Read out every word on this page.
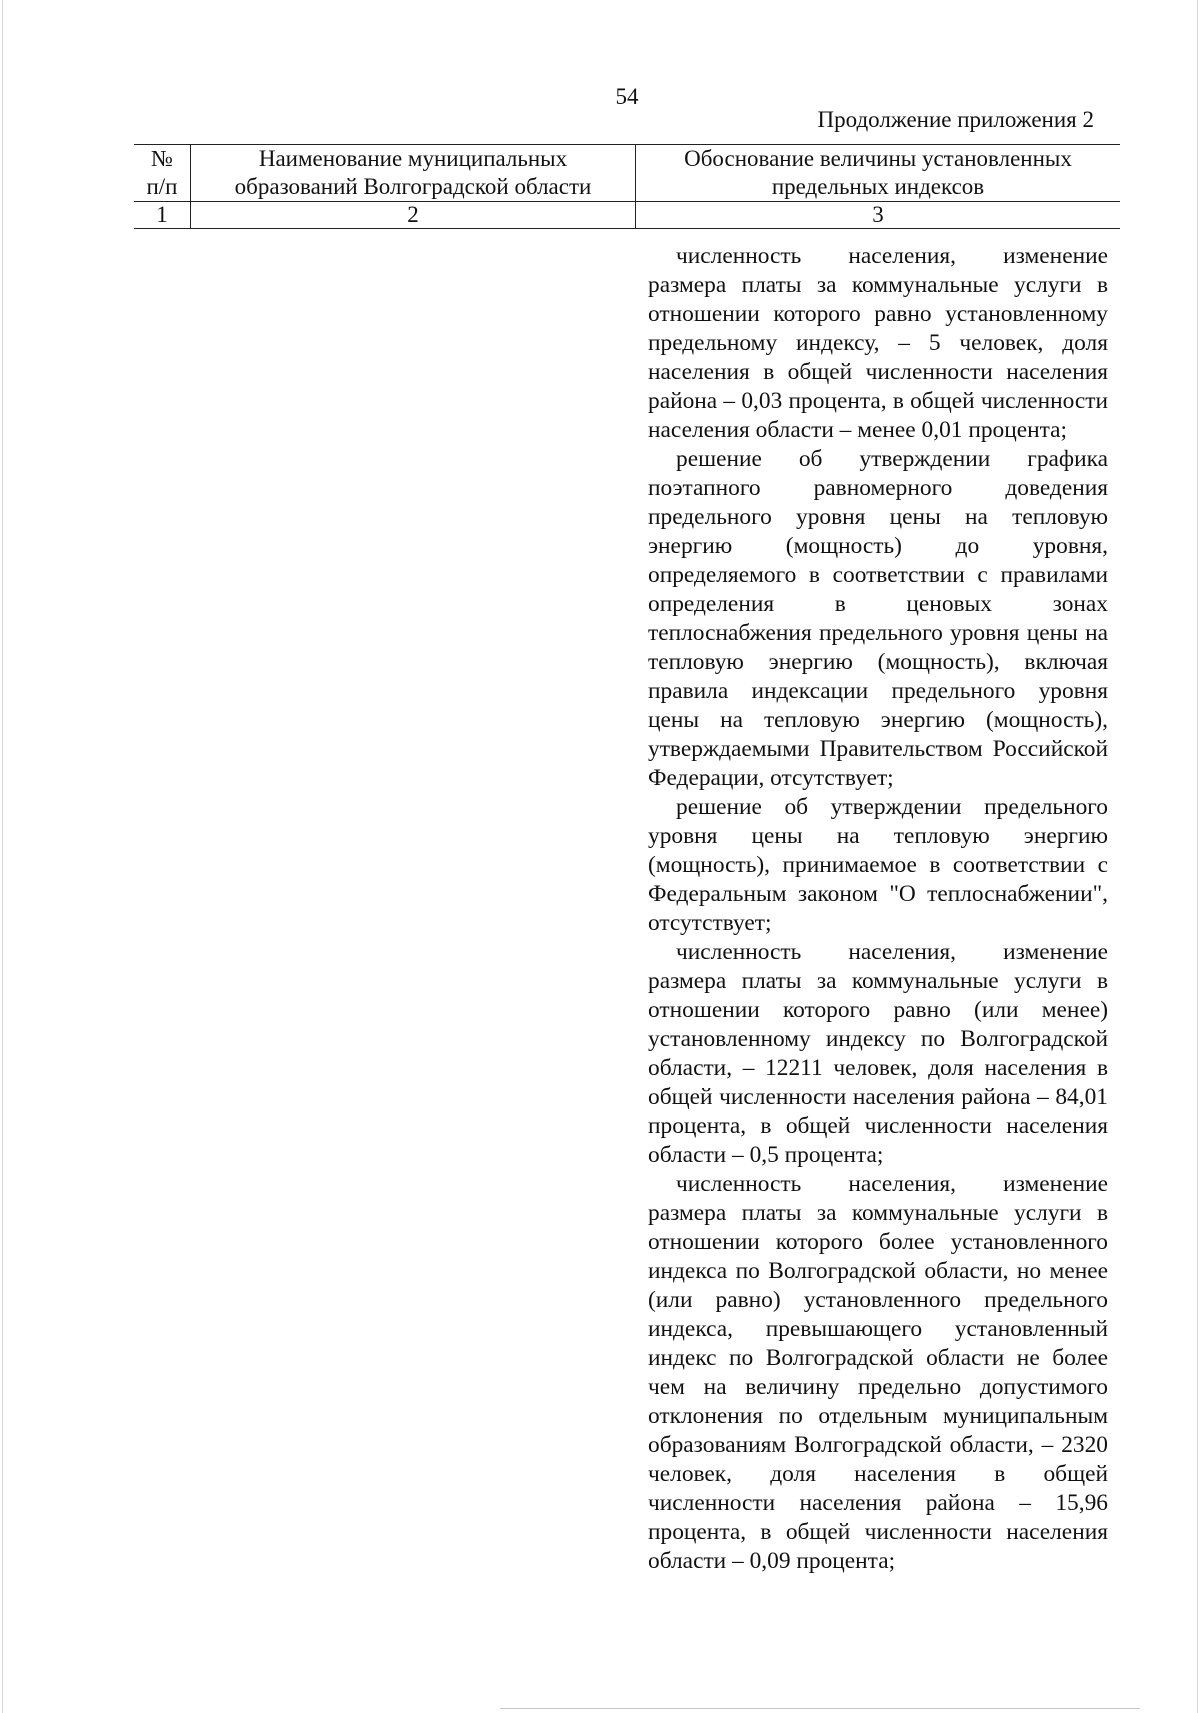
54
Продолжение приложения 2
№
п/п
Наименование муниципальных
образований Волгоградской области
Обоснование величины установленных
предельных индексов
1	2	3

численность населения, изменение размера платы за коммунальные услуги в отношении которого равно установленному предельному индексу, – 5 человек, доля населения в общей численности населения района – 0,03 процента, в общей численности населения области – менее 0,01 процента;

решение об утверждении графика поэтапного равномерного доведения предельного уровня цены на тепловую энергию (мощность) до уровня, определяемого в соответствии с правилами определения в ценовых зонах теплоснабжения предельного уровня цены на тепловую энергию (мощность), включая правила индексации предельного уровня цены на тепловую энергию (мощность), утверждаемыми Правительством Российской Федерации, отсутствует;

решение об утверждении предельного уровня цены на тепловую энергию (мощность), принимаемое в соответствии с Федеральным законом "О теплоснабжении", отсутствует;

численность населения, изменение размера платы за коммунальные услуги в отношении которого равно (или менее) установленному индексу по Волгоградской области, – 12211 человек, доля населения в общей численности населения района – 84,01 процента, в общей численности населения области – 0,5 процента;

численность населения, изменение размера платы за коммунальные услуги в отношении которого более установленного индекса по Волгоградской области, но менее (или равно) установленного предельного индекса, превышающего установленный индекс по Волгоградской области не более чем на величину предельно допустимого отклонения по отдельным муниципальным образованиям Волгоградской области, – 2320 человек, доля населения в общей численности населения района – 15,96 процента, в общей численности населения области – 0,09 процента;
